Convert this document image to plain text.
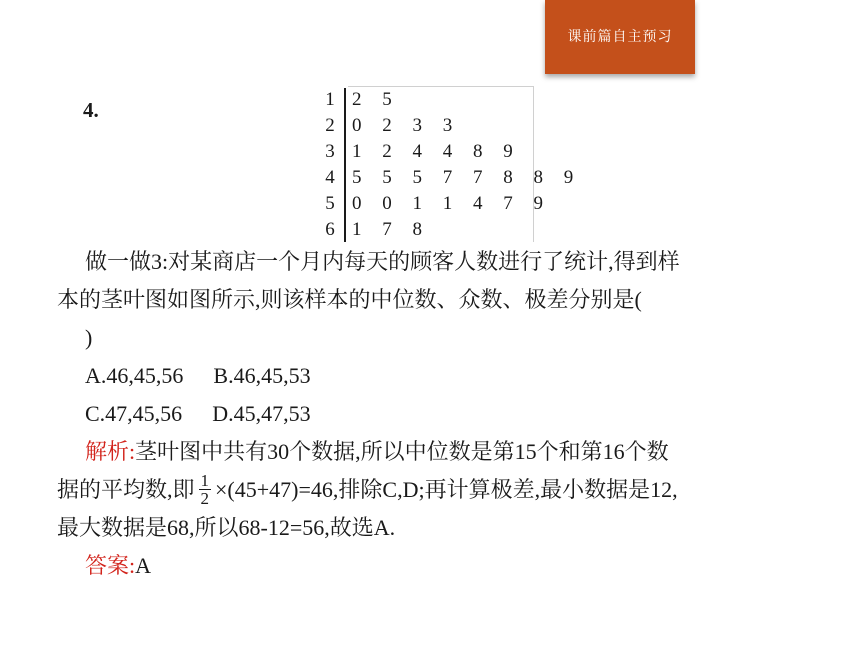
课前篇自主预习
4.	1 2 5
2 0 2 3 3
3 1 2 4 4 8 9
4 5 5 5 7 7 8 8 9
5 0 0 1 1 4 7 9
6 1 7 8
做一做3:对某商店一个月内每天的顾客人数进行了统计,得到样
本的茎叶图如图所示,则该样本的中位数、众数、极差分别是(
)
A.46,45,56 B.46,45,53
C.47,45,56 D.45,47,53
解析:茎叶图中共有30个数据,所以中位数是第15个和第16个数
据的平均数,即 $\frac{1}{2} \times(45+47)=46$,排除C,D;再计算极差,最小数据是12,
最大数据是68,所以68-12=56,故选A.
答案:A
